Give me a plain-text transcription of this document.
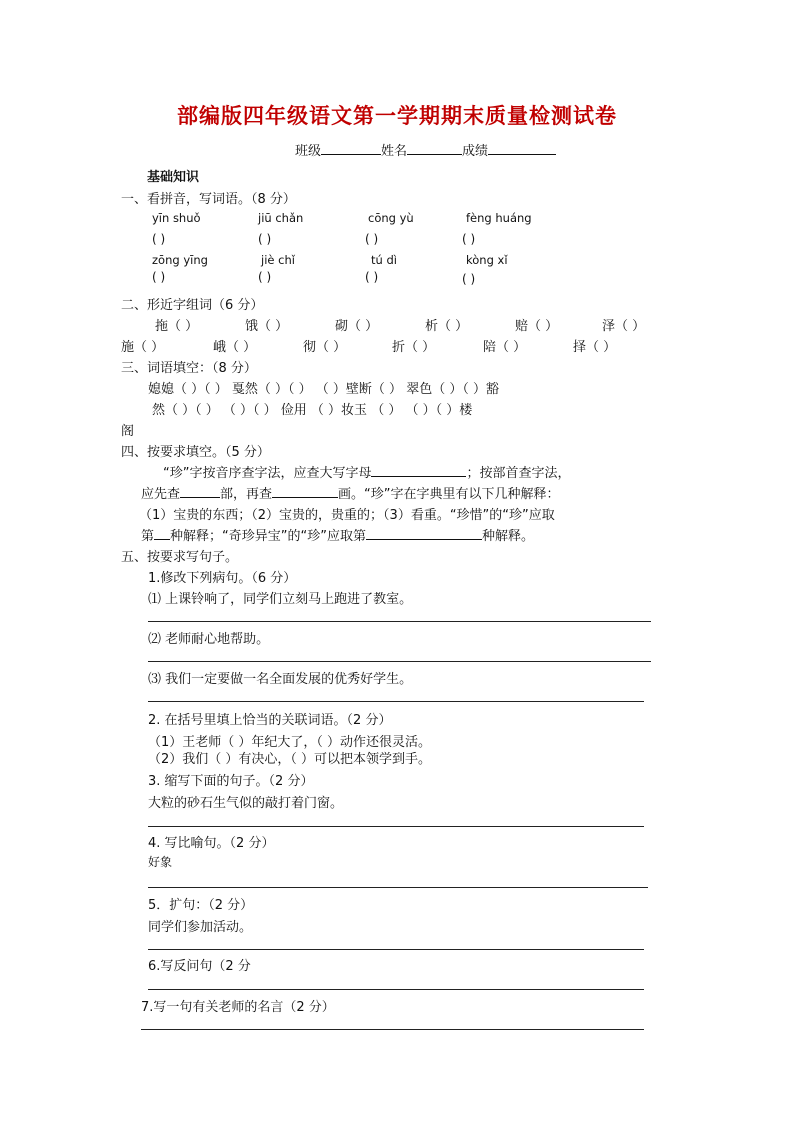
部编版四年级语文第一学期期末质量检测试卷
班级	姓名	成绩
基础知识
一、看拼音，写词语。（8 分）
yīn shuǒ	jiū chǎn	cōng yù	fèng huáng
( )	( )	( )	( )
zōng yīng	jiè chǐ	tú dì	kòng xǐ
( )	( )	( )	( )
二、形近字组词（6 分）
拖（ ）	饿（ ）	砌（ ）	析（ ）	赔（ ）	泽（ ）
施（ ）	峨（ ）	彻（ ）	折（ ）	陪（ ）	择（ ）
三、词语填空：（8 分）
媳媳（ ）（ ） 戛然（ ）（ ） （ ）壁断（ ） 翠色（ ）（ ）豁
然（ ）（ ） （ ）（ ） 俭用 （ ）妆玉 （ ） （ ）（ ）楼
阁
四、按要求填空。（5 分）
“珍”字按音序查字法，应查大写字母	；按部首查字法，
应先查	部，再查	画。“珍”字在字典里有以下几种解释：
（1）宝贵的东西；（2）宝贵的，贵重的；（3）看重。“珍惜”的“珍”应取
第 种解释；“奇珍异宝”的“珍”应取第	种解释。
五、按要求写句子。
1.修改下列病句。（6 分）
⑴ 上课铃响了，同学们立刻马上跑进了教室。
⑵ 老师耐心地帮助。
⑶ 我们一定要做一名全面发展的优秀好学生。
2. 在括号里填上恰当的关联词语。（2 分）
（1）王老师（ ）年纪大了，（ ）动作还很灵活。
（2）我们（ ）有决心，（ ）可以把本领学到手。
3. 缩写下面的句子。（2 分）
大粒的砂石生气似的敲打着门窗。
4. 写比喻句。（2 分）
好象
5．扩句：（2 分）
同学们参加活动。
6.写反问句（2 分
7.写一句有关老师的名言（2 分）
